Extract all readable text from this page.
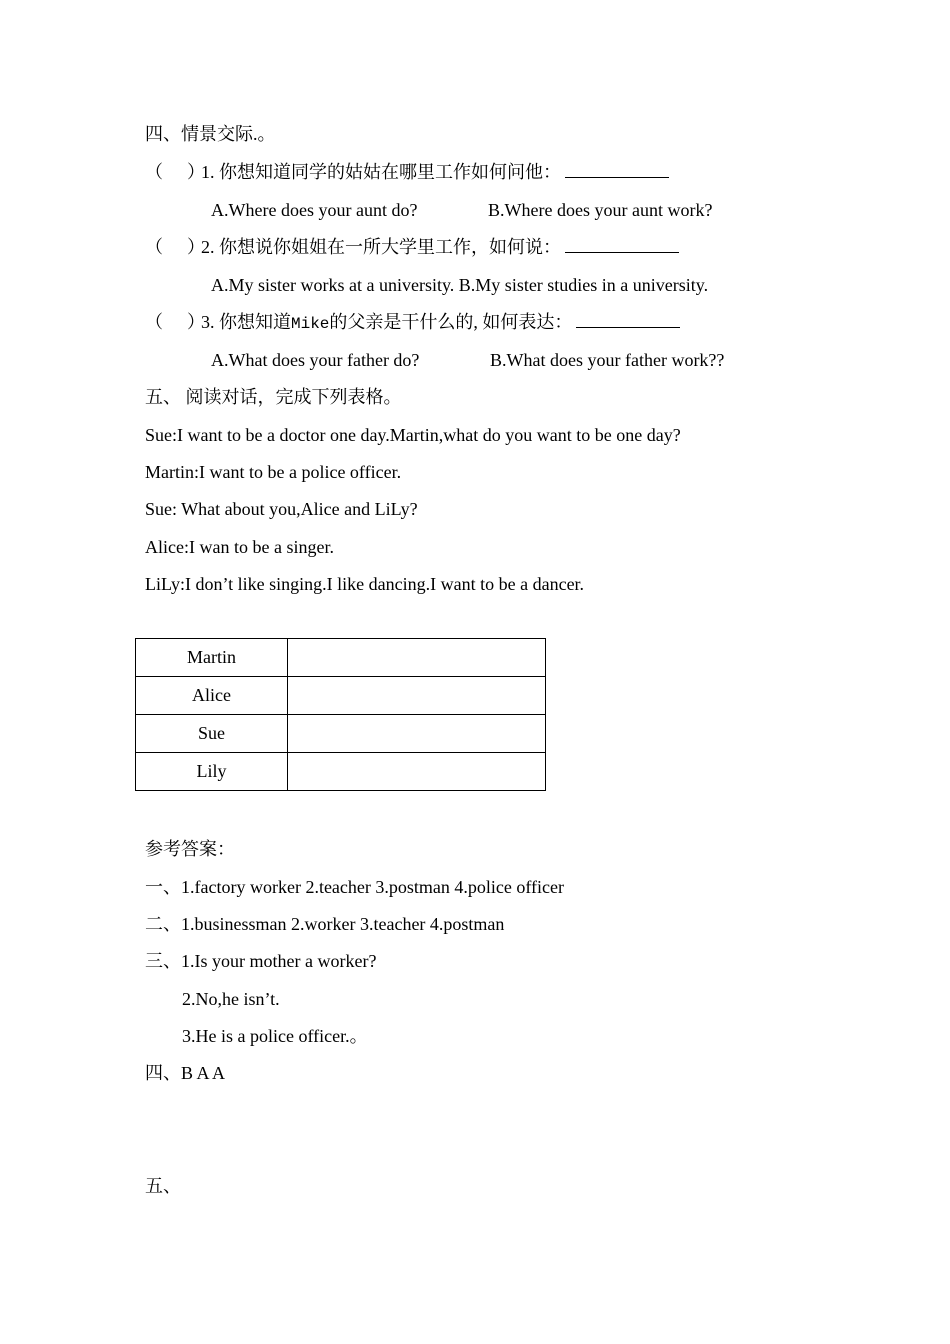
四、情景交际.。
（ ）1. 你想知道同学的姑姑在哪里工作如何问他：
A.Where does your aunt do?	B.Where does your aunt work?
（ ）2. 你想说你姐姐在一所大学里工作，如何说：
A.My sister works at a university. B.My sister studies in a university.
（ ）3. 你想知道Mike的父亲是干什么的, 如何表达：
A.What does your father do?	B.What does your father work??
五、 阅读对话，完成下列表格。
Sue:I want to be a doctor one day.Martin,what do you want to be one day?
Martin:I want to be a police officer.
Sue: What about you,Alice and LiLy?
Alice:I wan to be a singer.
LiLy:I don’t like singing.I like dancing.I want to be a dancer.
Martin	
Alice	
Sue	
Lily	
参考答案：
一、1.factory worker 2.teacher 3.postman 4.police officer
二、1.businessman 2.worker 3.teacher 4.postman
三、1.Is your mother a worker?
2.No,he isn’t.
3.He is a police officer.。
四、B A A
五、
